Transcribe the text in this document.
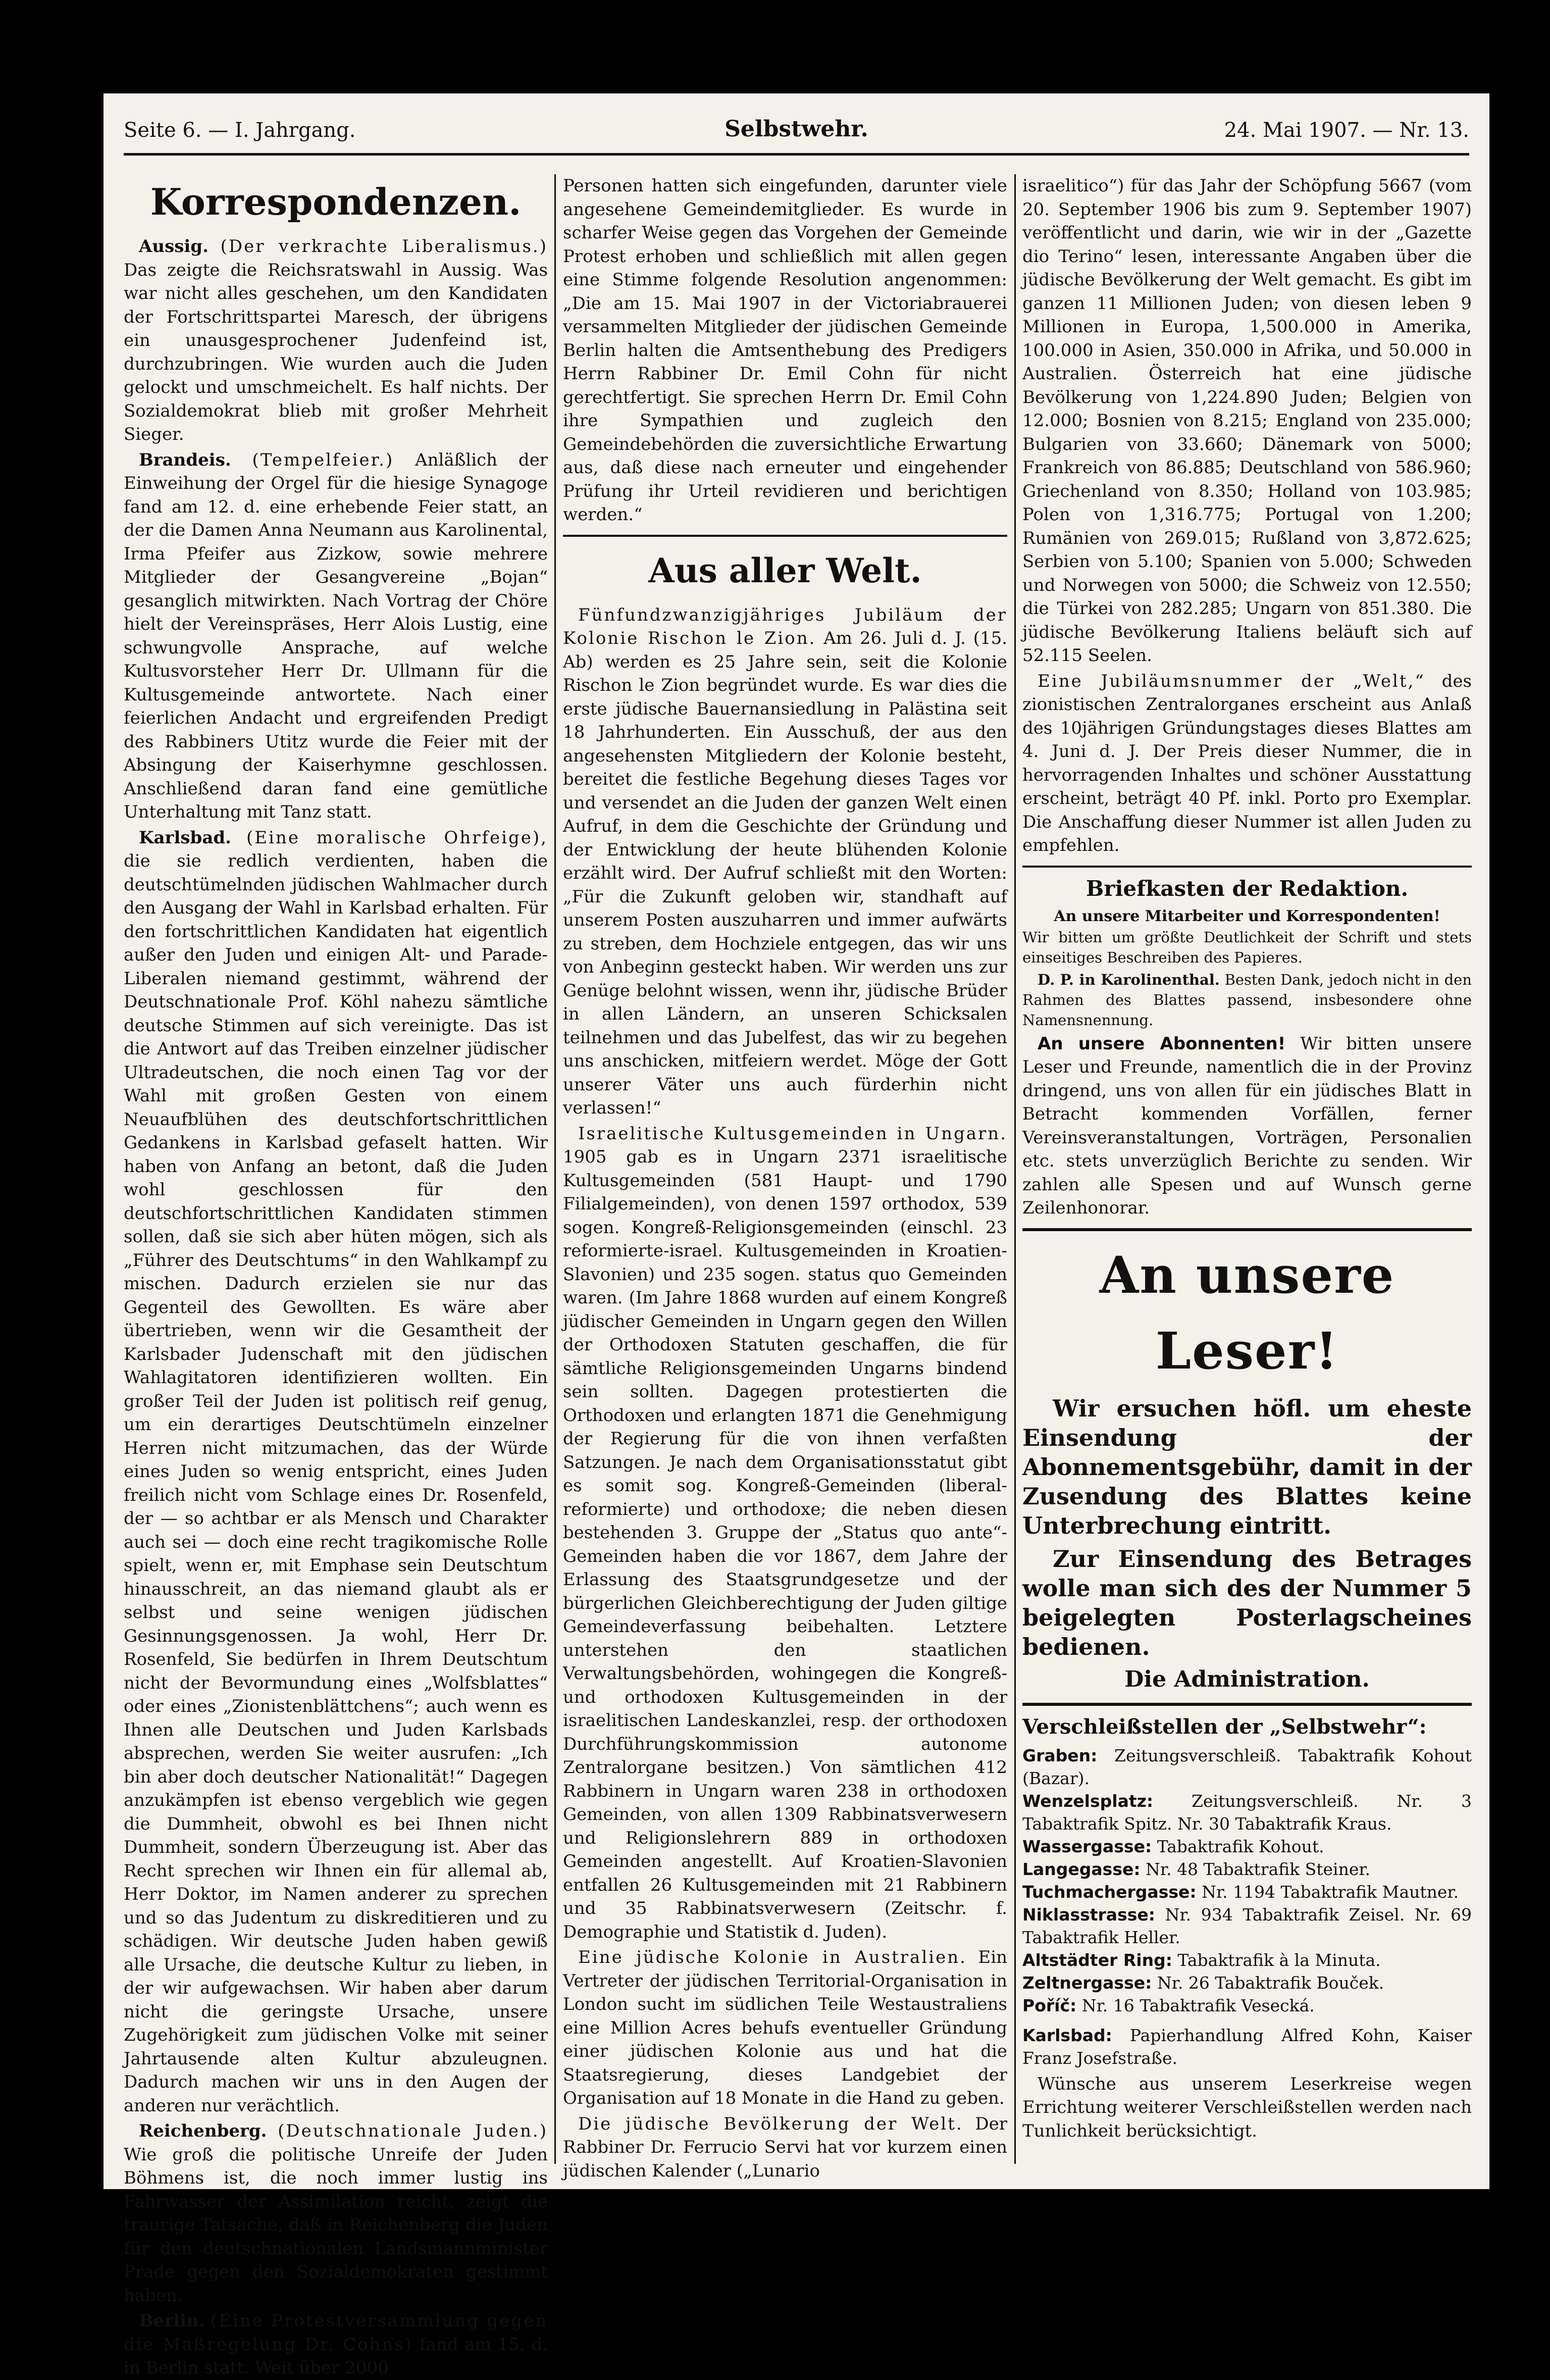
Seite 6. — I. Jahrgang.	Selbstwehr.	24. Mai 1907. — Nr. 13.
Korrespondenzen.

Aussig. (Der verkrachte Liberalismus.) Das zeigte die Reichsratswahl in Aussig. Was war nicht alles geschehen, um den Kandidaten der Fortschrittspartei Maresch, der übrigens ein unausgesprochener Judenfeind ist, durchzubringen. Wie wurden auch die Juden gelockt und umschmeichelt. Es half nichts. Der Sozialdemokrat blieb mit großer Mehrheit Sieger.

Brandeis. (Tempelfeier.) Anläßlich der Einweihung der Orgel für die hiesige Synagoge fand am 12. d. eine erhebende Feier statt, an der die Damen Anna Neumann aus Karolinental, Irma Pfeifer aus Zizkow, sowie mehrere Mitglieder der Gesangvereine „Bojan“ gesanglich mitwirkten. Nach Vortrag der Chöre hielt der Vereinspräses, Herr Alois Lustig, eine schwungvolle Ansprache, auf welche Kultusvorsteher Herr Dr. Ullmann für die Kultusgemeinde antwortete. Nach einer feierlichen Andacht und ergreifenden Predigt des Rabbiners Utitz wurde die Feier mit der Absingung der Kaiserhymne geschlossen. Anschließend daran fand eine gemütliche Unterhaltung mit Tanz statt.

Karlsbad. (Eine moralische Ohrfeige), die sie redlich verdienten, haben die deutschtümelnden jüdischen Wahlmacher durch den Ausgang der Wahl in Karlsbad erhalten. Für den fortschrittlichen Kandidaten hat eigentlich außer den Juden und einigen Alt- und Parade-Liberalen niemand gestimmt, während der Deutschnationale Prof. Köhl nahezu sämtliche deutsche Stimmen auf sich vereinigte. Das ist die Antwort auf das Treiben einzelner jüdischer Ultradeutschen, die noch einen Tag vor der Wahl mit großen Gesten von einem Neuaufblühen des deutschfortschrittlichen Gedankens in Karlsbad gefaselt hatten. Wir haben von Anfang an betont, daß die Juden wohl geschlossen für den deutschfortschrittlichen Kandidaten stimmen sollen, daß sie sich aber hüten mögen, sich als „Führer des Deutschtums“ in den Wahlkampf zu mischen. Dadurch erzielen sie nur das Gegenteil des Gewollten. Es wäre aber übertrieben, wenn wir die Gesamtheit der Karlsbader Judenschaft mit den jüdischen Wahlagitatoren identifizieren wollten. Ein großer Teil der Juden ist politisch reif genug, um ein derartiges Deutschtümeln einzelner Herren nicht mitzumachen, das der Würde eines Juden so wenig entspricht, eines Juden freilich nicht vom Schlage eines Dr. Rosenfeld, der — so achtbar er als Mensch und Charakter auch sei — doch eine recht tragikomische Rolle spielt, wenn er, mit Emphase sein Deutschtum hinausschreit, an das niemand glaubt als er selbst und seine wenigen jüdischen Gesinnungsgenossen. Ja wohl, Herr Dr. Rosenfeld, Sie bedürfen in Ihrem Deutschtum nicht der Bevormundung eines „Wolfsblattes“ oder eines „Zionistenblättchens“; auch wenn es Ihnen alle Deutschen und Juden Karlsbads absprechen, werden Sie weiter ausrufen: „Ich bin aber doch deutscher Nationalität!“ Dagegen anzukämpfen ist ebenso vergeblich wie gegen die Dummheit, obwohl es bei Ihnen nicht Dummheit, sondern Überzeugung ist. Aber das Recht sprechen wir Ihnen ein für allemal ab, Herr Doktor, im Namen anderer zu sprechen und so das Judentum zu diskreditieren und zu schädigen. Wir deutsche Juden haben gewiß alle Ursache, die deutsche Kultur zu lieben, in der wir aufgewachsen. Wir haben aber darum nicht die geringste Ursache, unsere Zugehörigkeit zum jüdischen Volke mit seiner Jahrtausende alten Kultur abzuleugnen. Dadurch machen wir uns in den Augen der anderen nur verächtlich.

Reichenberg. (Deutschnationale Juden.) Wie groß die politische Unreife der Juden Böhmens ist, die noch immer lustig ins Fahrwasser der Assimilation reicht, zeigt die traurige Tatsache, daß in Reichenberg die Juden für den deutschnationalen Landsmannminister Prade gegen den Sozialdemokraten gestimmt haben.

Berlin. (Eine Protestversammlung gegen die Maßregelung Dr. Cohns) fand am 15. d. in Berlin statt. Weit über 2000

Personen hatten sich eingefunden, darunter viele angesehene Gemeindemitglieder. Es wurde in scharfer Weise gegen das Vorgehen der Gemeinde Protest erhoben und schließlich mit allen gegen eine Stimme folgende Resolution angenommen: „Die am 15. Mai 1907 in der Victoriabrauerei versammelten Mitglieder der jüdischen Gemeinde Berlin halten die Amtsenthebung des Predigers Herrn Rabbiner Dr. Emil Cohn für nicht gerechtfertigt. Sie sprechen Herrn Dr. Emil Cohn ihre Sympathien und zugleich den Gemeindebehörden die zuversichtliche Erwartung aus, daß diese nach erneuter und eingehender Prüfung ihr Urteil revidieren und berichtigen werden.“

Aus aller Welt.

Fünfundzwanzigjähriges Jubiläum der Kolonie Rischon le Zion. Am 26. Juli d. J. (15. Ab) werden es 25 Jahre sein, seit die Kolonie Rischon le Zion begründet wurde. Es war dies die erste jüdische Bauernansiedlung in Palästina seit 18 Jahrhunderten. Ein Ausschuß, der aus den angesehensten Mitgliedern der Kolonie besteht, bereitet die festliche Begehung dieses Tages vor und versendet an die Juden der ganzen Welt einen Aufruf, in dem die Geschichte der Gründung und der Entwicklung der heute blühenden Kolonie erzählt wird. Der Aufruf schließt mit den Worten: „Für die Zukunft geloben wir, standhaft auf unserem Posten auszuharren und immer aufwärts zu streben, dem Hochziele entgegen, das wir uns von Anbeginn gesteckt haben. Wir werden uns zur Genüge belohnt wissen, wenn ihr, jüdische Brüder in allen Ländern, an unseren Schicksalen teilnehmen und das Jubelfest, das wir zu begehen uns anschicken, mitfeiern werdet. Möge der Gott unserer Väter uns auch fürderhin nicht verlassen!“

Israelitische Kultusgemeinden in Ungarn. 1905 gab es in Ungarn 2371 israelitische Kultusgemeinden (581 Haupt- und 1790 Filialgemeinden), von denen 1597 orthodox, 539 sogen. Kongreß-Religionsgemeinden (einschl. 23 reformierte-israel. Kultusgemeinden in Kroatien-Slavonien) und 235 sogen. status quo Gemeinden waren. (Im Jahre 1868 wurden auf einem Kongreß jüdischer Gemeinden in Ungarn gegen den Willen der Orthodoxen Statuten geschaffen, die für sämtliche Religionsgemeinden Ungarns bindend sein sollten. Dagegen protestierten die Orthodoxen und erlangten 1871 die Genehmigung der Regierung für die von ihnen verfaßten Satzungen. Je nach dem Organisationsstatut gibt es somit sog. Kongreß-Gemeinden (liberal-reformierte) und orthodoxe; die neben diesen bestehenden 3. Gruppe der „Status quo ante“-Gemeinden haben die vor 1867, dem Jahre der Erlassung des Staatsgrundgesetze und der bürgerlichen Gleichberechtigung der Juden giltige Gemeindeverfassung beibehalten. Letztere unterstehen den staatlichen Verwaltungsbehörden, wohingegen die Kongreß- und orthodoxen Kultusgemeinden in der israelitischen Landeskanzlei, resp. der orthodoxen Durchführungskommission autonome Zentralorgane besitzen.) Von sämtlichen 412 Rabbinern in Ungarn waren 238 in orthodoxen Gemeinden, von allen 1309 Rabbinatsverwesern und Religionslehrern 889 in orthodoxen Gemeinden angestellt. Auf Kroatien-Slavonien entfallen 26 Kultusgemeinden mit 21 Rabbinern und 35 Rabbinatsverwesern (Zeitschr. f. Demographie und Statistik d. Juden).

Eine jüdische Kolonie in Australien. Ein Vertreter der jüdischen Territorial-Organisation in London sucht im südlichen Teile Westaustraliens eine Million Acres behufs eventueller Gründung einer jüdischen Kolonie aus und hat die Staatsregierung, dieses Landgebiet der Organisation auf 18 Monate in die Hand zu geben.

Die jüdische Bevölkerung der Welt. Der Rabbiner Dr. Ferrucio Servi hat vor kurzem einen jüdischen Kalender („Lunario

israelitico“) für das Jahr der Schöpfung 5667 (vom 20. September 1906 bis zum 9. September 1907) veröffentlicht und darin, wie wir in der „Gazette dio Terino“ lesen, interessante Angaben über die jüdische Bevölkerung der Welt gemacht. Es gibt im ganzen 11 Millionen Juden; von diesen leben 9 Millionen in Europa, 1,500.000 in Amerika, 100.000 in Asien, 350.000 in Afrika, und 50.000 in Australien. Österreich hat eine jüdische Bevölkerung von 1,224.890 Juden; Belgien von 12.000; Bosnien von 8.215; England von 235.000; Bulgarien von 33.660; Dänemark von 5000; Frankreich von 86.885; Deutschland von 586.960; Griechenland von 8.350; Holland von 103.985; Polen von 1,316.775; Portugal von 1.200; Rumänien von 269.015; Rußland von 3,872.625; Serbien von 5.100; Spanien von 5.000; Schweden und Norwegen von 5000; die Schweiz von 12.550; die Türkei von 282.285; Ungarn von 851.380. Die jüdische Bevölkerung Italiens beläuft sich auf 52.115 Seelen.

Eine Jubiläumsnummer der „Welt,“ des zionistischen Zentralorganes erscheint aus Anlaß des 10jährigen Gründungstages dieses Blattes am 4. Juni d. J. Der Preis dieser Nummer, die in hervorragenden Inhaltes und schöner Ausstattung erscheint, beträgt 40 Pf. inkl. Porto pro Exemplar. Die Anschaffung dieser Nummer ist allen Juden zu empfehlen.

Briefkasten der Redaktion.
An unsere Mitarbeiter und Korrespondenten!

Wir bitten um größte Deutlichkeit der Schrift und stets einseitiges Beschreiben des Papieres.

D. P. in Karolinenthal. Besten Dank, jedoch nicht in den Rahmen des Blattes passend, insbesondere ohne Namensnennung.

An unsere Abonnenten! Wir bitten unsere Leser und Freunde, namentlich die in der Provinz dringend, uns von allen für ein jüdisches Blatt in Betracht kommenden Vorfällen, ferner Vereinsveranstaltungen, Vorträgen, Personalien etc. stets unverzüglich Berichte zu senden. Wir zahlen alle Spesen und auf Wunsch gerne Zeilenhonorar.

An unsere Leser!

Wir ersuchen höfl. um eheste Einsendung der Abonnementsgebühr, damit in der Zusendung des Blattes keine Unterbrechung eintritt.

Zur Einsendung des Betrages wolle man sich des der Nummer 5 beigelegten Posterlagscheines bedienen.

Die Administration.
Verschleißstellen der „Selbstwehr“:
Graben: Zeitungsverschleiß. Tabaktrafik Kohout (Bazar).
Wenzelsplatz: Zeitungsverschleiß. Nr. 3 Tabaktrafik Spitz. Nr. 30 Tabaktrafik Kraus.
Wassergasse: Tabaktrafik Kohout.
Langegasse: Nr. 48 Tabaktrafik Steiner.
Tuchmachergasse: Nr. 1194 Tabaktrafik Mautner.
Niklasstrasse: Nr. 934 Tabaktrafik Zeisel. Nr. 69 Tabaktrafik Heller.
Altstädter Ring: Tabaktrafik à la Minuta.
Zeltnergasse: Nr. 26 Tabaktrafik Bouček.
Poříč: Nr. 16 Tabaktrafik Vesecká.
Karlsbad: Papierhandlung Alfred Kohn, Kaiser Franz Josefstraße.

Wünsche aus unserem Leserkreise wegen Errichtung weiterer Verschleißstellen werden nach Tunlichkeit berücksichtigt.
